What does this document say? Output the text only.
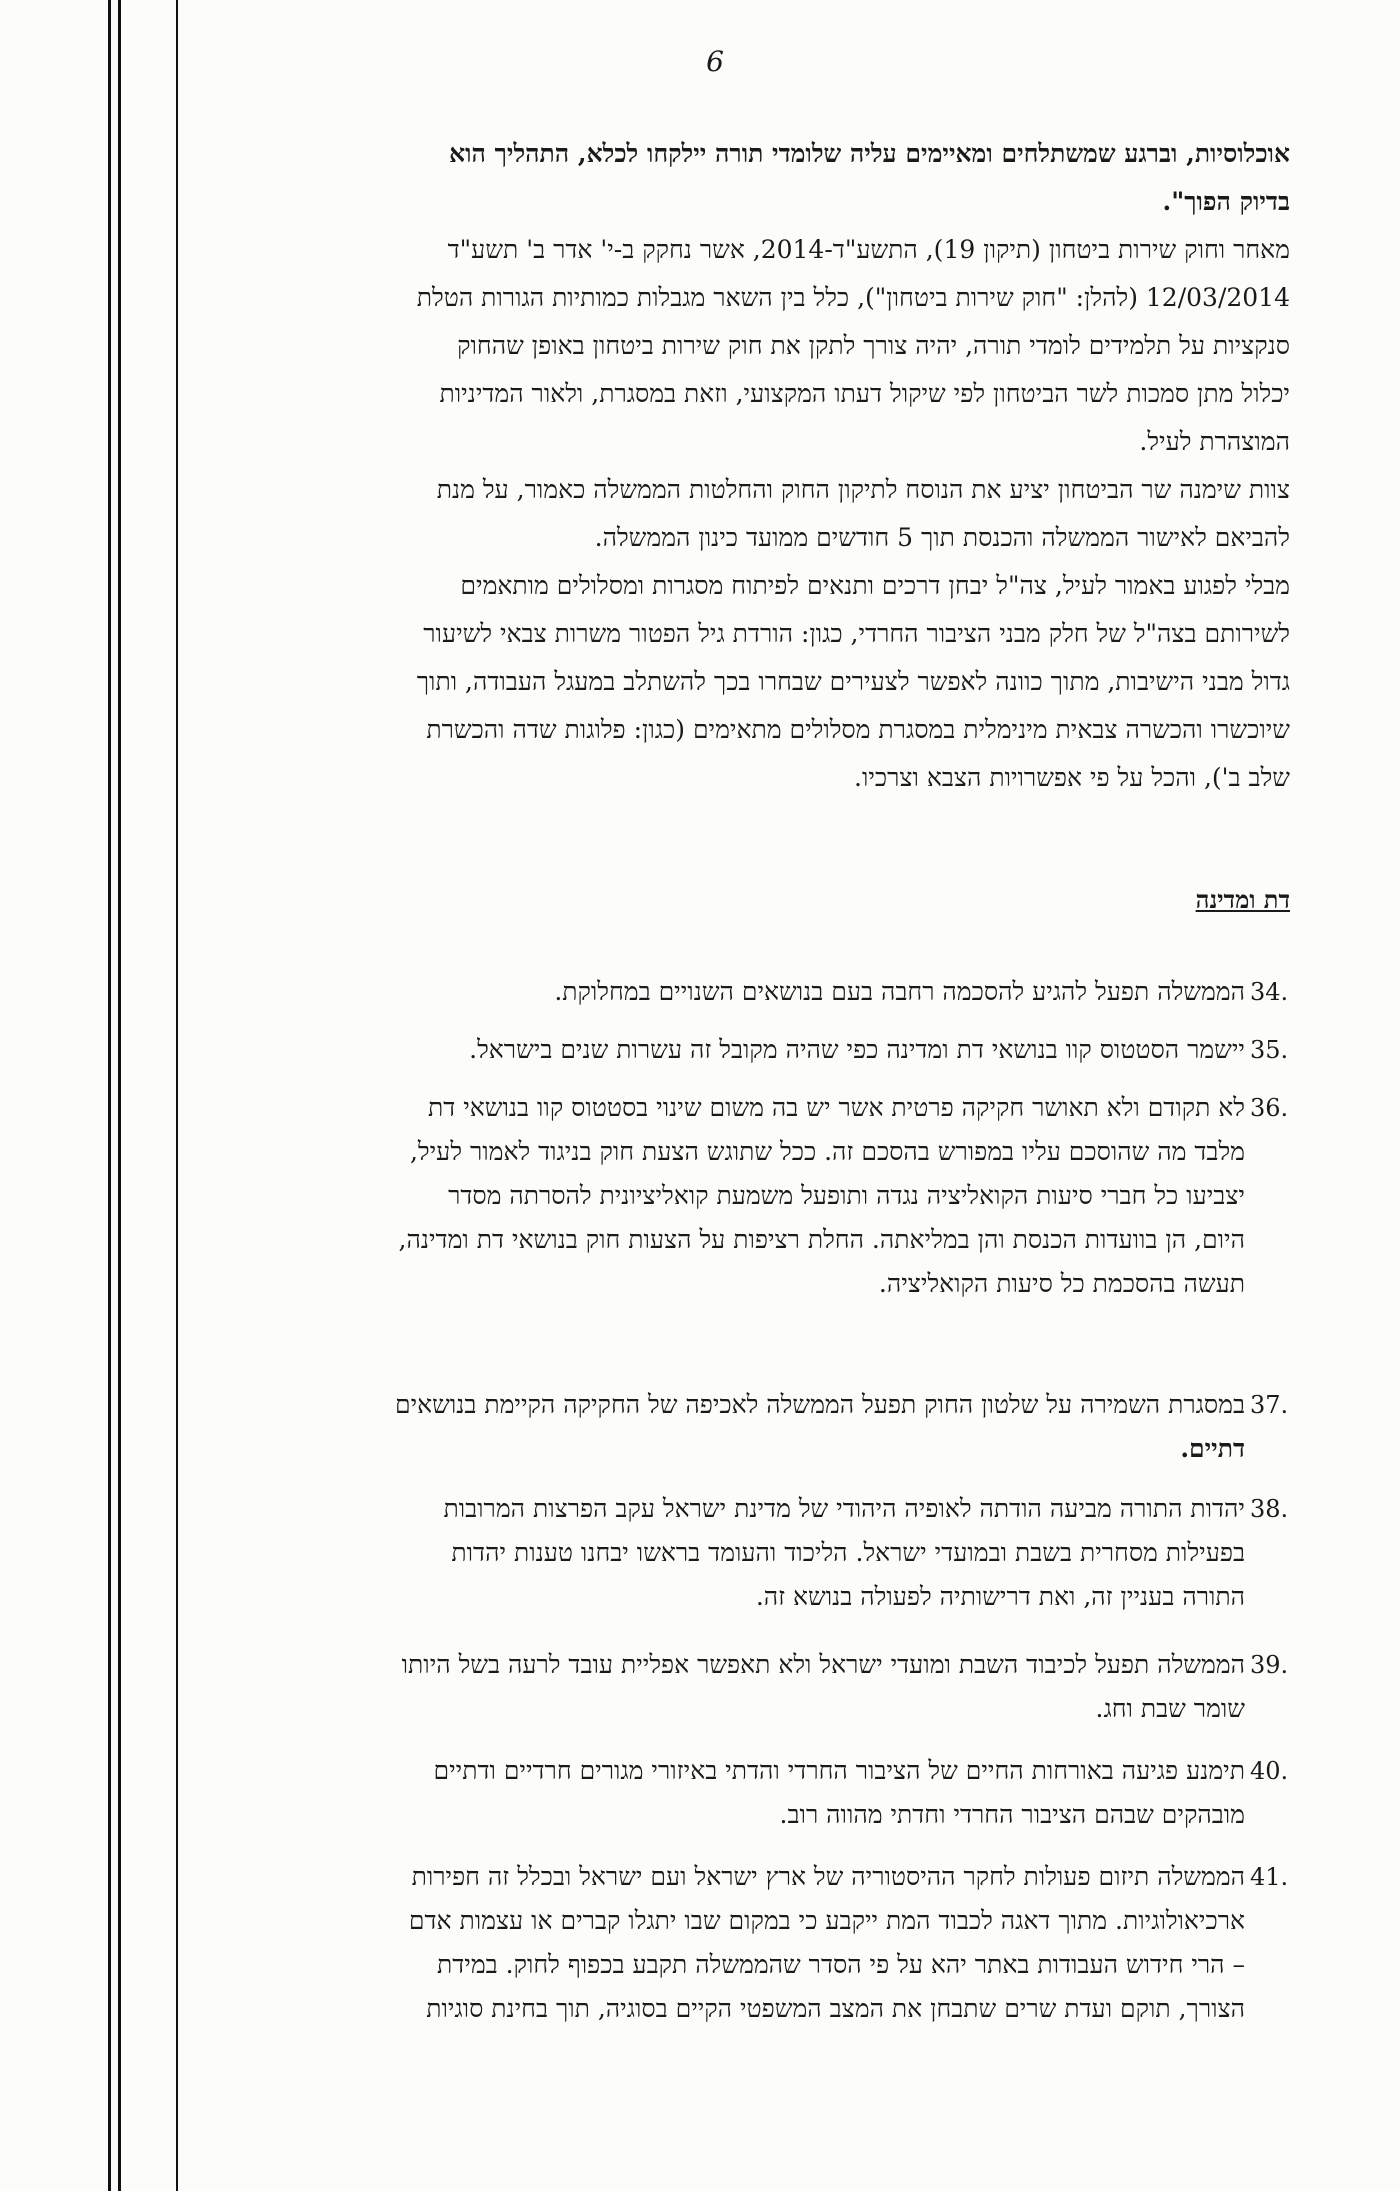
6
אוכלוסיות, וברגע שמשתלחים ומאיימים עליה שלומדי תורה יילקחו לכלא, התהליך הוא
בדיוק הפוך".
מאחר וחוק שירות ביטחון (תיקון 19), התשע"ד-2014, אשר נחקק ב-י' אדר ב' תשע"ד
12/03/2014 (להלן: "חוק שירות ביטחון"), כלל בין השאר מגבלות כמותיות הגורות הטלת
סנקציות על תלמידים לומדי תורה, יהיה צורך לתקן את חוק שירות ביטחון באופן שהחוק
יכלול מתן סמכות לשר הביטחון לפי שיקול דעתו המקצועי, וזאת במסגרת, ולאור המדיניות
המוצהרת לעיל.
צוות שימנה שר הביטחון יציע את הנוסח לתיקון החוק והחלטות הממשלה כאמור, על מנת
להביאם לאישור הממשלה והכנסת תוך 5 חודשים ממועד כינון הממשלה.
מבלי לפגוע באמור לעיל, צה"ל יבחן דרכים ותנאים לפיתוח מסגרות ומסלולים מותאמים
לשירותם בצה"ל של חלק מבני הציבור החרדי, כגון: הורדת גיל הפטור משרות צבאי לשיעור
גדול מבני הישיבות, מתוך כוונה לאפשר לצעירים שבחרו בכך להשתלב במעגל העבודה, ותוך
שיוכשרו והכשרה צבאית מינימלית במסגרת מסלולים מתאימים (כגון: פלוגות שדה והכשרת
שלב ב'), והכל על פי אפשרויות הצבא וצרכיו.
דת ומדינה
34.
הממשלה תפעל להגיע להסכמה רחבה בעם בנושאים השנויים במחלוקת.
35.
יישמר הסטטוס קוו בנושאי דת ומדינה כפי שהיה מקובל זה עשרות שנים בישראל.
36.
לא תקודם ולא תאושר חקיקה פרטית אשר יש בה משום שינוי בסטטוס קוו בנושאי דת
מלבד מה שהוסכם עליו במפורש בהסכם זה. ככל שתוגש הצעת חוק בניגוד לאמור לעיל,
יצביעו כל חברי סיעות הקואליציה נגדה ותופעל משמעת קואליציונית להסרתה מסדר
היום, הן בוועדות הכנסת והן במליאתה. החלת רציפות על הצעות חוק בנושאי דת ומדינה,
תעשה בהסכמת כל סיעות הקואליציה.
37.
במסגרת השמירה על שלטון החוק תפעל הממשלה לאכיפה של החקיקה הקיימת בנושאים
דתיים.
38.
יהדות התורה מביעה הודתה לאופיה היהודי של מדינת ישראל עקב הפרצות המרובות
בפעילות מסחרית בשבת ובמועדי ישראל. הליכוד והעומד בראשו יבחנו טענות יהדות
התורה בעניין זה, ואת דרישותיה לפעולה בנושא זה.
39.
הממשלה תפעל לכיבוד השבת ומועדי ישראל ולא תאפשר אפליית עובד לרעה בשל היותו
שומר שבת וחג.
40.
תימנע פגיעה באורחות החיים של הציבור החרדי והדתי באיזורי מגורים חרדיים ודתיים
מובהקים שבהם הציבור החרדי וחדתי מהווה רוב.
41.
הממשלה תיזום פעולות לחקר ההיסטוריה של ארץ ישראל ועם ישראל ובכלל זה חפירות
ארכיאולוגיות. מתוך דאגה לכבוד המת ייקבע כי במקום שבו יתגלו קברים או עצמות אדם
– הרי חידוש העבודות באתר יהא על פי הסדר שהממשלה תקבע בכפוף לחוק. במידת
הצורך, תוקם ועדת שרים שתבחן את המצב המשפטי הקיים בסוגיה, תוך בחינת סוגיות
